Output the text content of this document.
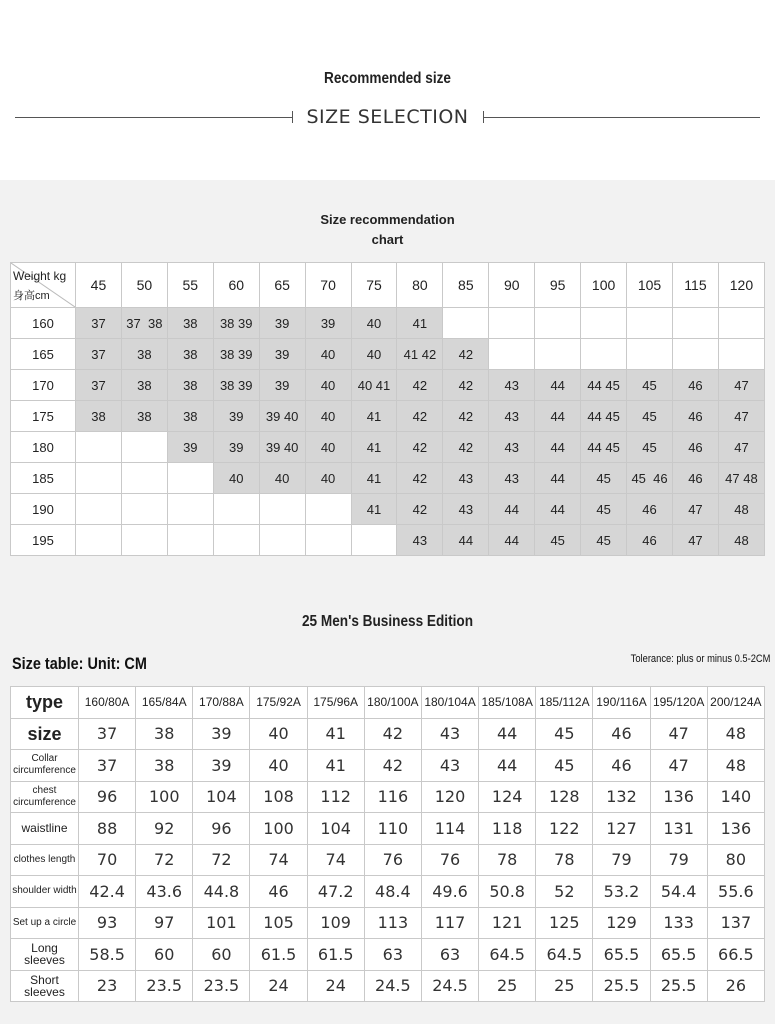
Recommended size
SIZE SELECTION
Size recommendation
chart
Weight kg
身高cm	45	50	55	60	65	70	75	80	85	90	95	100	105	115	120
160	37	37  38	38	38 39	39	39	40	41							
165	37	38	38	38 39	39	40	40	41 42	42						
170	37	38	38	38 39	39	40	40 41	42	42	43	44	44 45	45	46	47
175	38	38	38	39	39 40	40	41	42	42	43	44	44 45	45	46	47
180			39	39	39 40	40	41	42	42	43	44	44 45	45	46	47
185				40	40	40	41	42	43	43	44	45	45  46	46	47 48
190							41	42	43	44	44	45	46	47	48
195								43	44	44	45	45	46	47	48
25 Men's Business Edition
Size table: Unit: CM	Tolerance: plus or minus 0.5-2CM
type	160/80A	165/84A	170/88A	175/92A	175/96A	180/100A	180/104A	185/108A	185/112A	190/116A	195/120A	200/124A
size	37	38	39	40	41	42	43	44	45	46	47	48
Collar circumference	37	38	39	40	41	42	43	44	45	46	47	48
chest circumference	96	100	104	108	112	116	120	124	128	132	136	140
waistline	88	92	96	100	104	110	114	118	122	127	131	136
clothes length	70	72	72	74	74	76	76	78	78	79	79	80
shoulder width	42.4	43.6	44.8	46	47.2	48.4	49.6	50.8	52	53.2	54.4	55.6
Set up a circle	93	97	101	105	109	113	117	121	125	129	133	137
Long sleeves	58.5	60	60	61.5	61.5	63	63	64.5	64.5	65.5	65.5	66.5
Short sleeves	23	23.5	23.5	24	24	24.5	24.5	25	25	25.5	25.5	26
